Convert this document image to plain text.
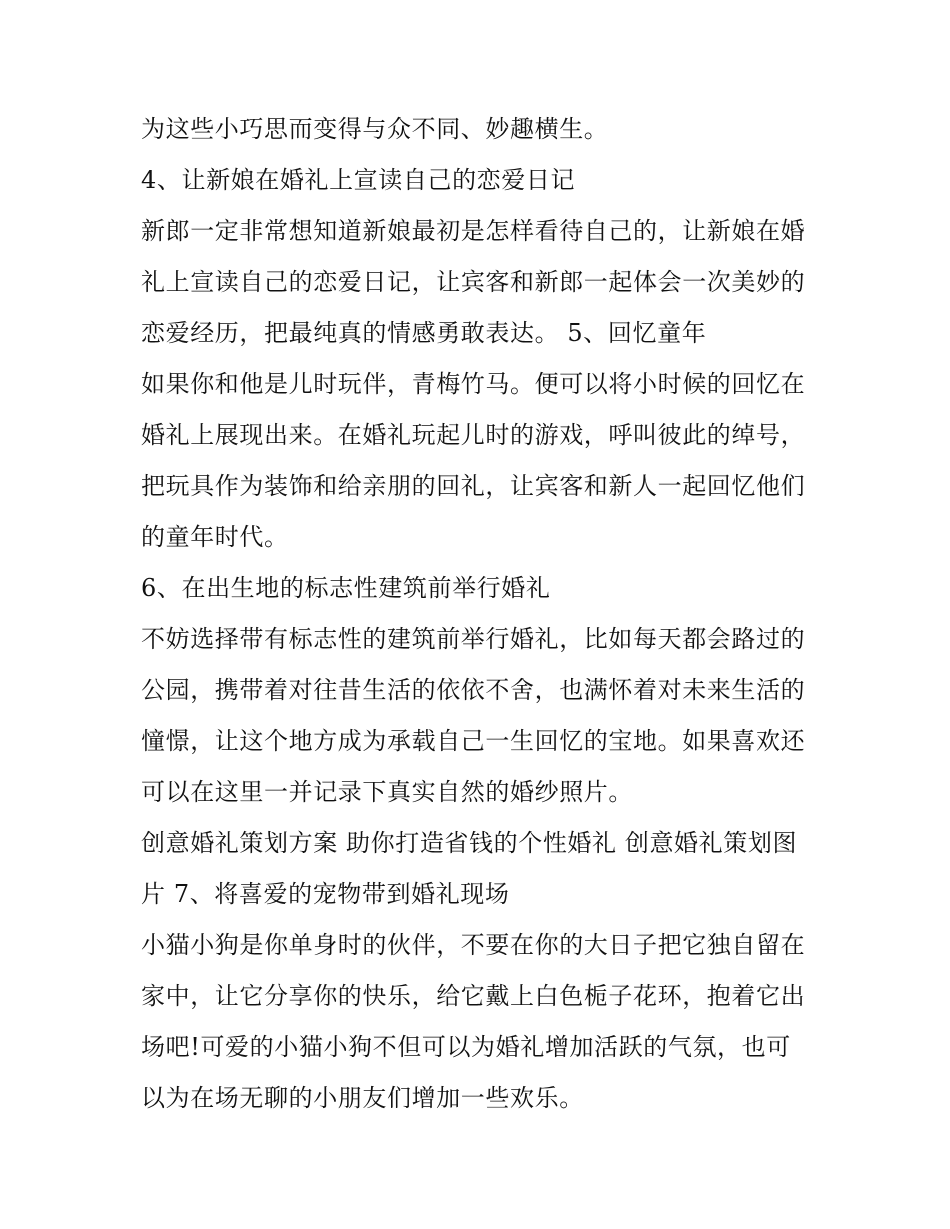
为这些小巧思而变得与众不同、妙趣横生。
4、让新娘在婚礼上宣读自己的恋爱日记
新郎一定非常想知道新娘最初是怎样看待自己的，让新娘在婚
礼上宣读自己的恋爱日记，让宾客和新郎一起体会一次美妙的
恋爱经历，把最纯真的情感勇敢表达。 5、回忆童年
如果你和他是儿时玩伴，青梅竹马。便可以将小时候的回忆在
婚礼上展现出来。在婚礼玩起儿时的游戏，呼叫彼此的绰号，
把玩具作为装饰和给亲朋的回礼，让宾客和新人一起回忆他们
的童年时代。
6、在出生地的标志性建筑前举行婚礼
不妨选择带有标志性的建筑前举行婚礼，比如每天都会路过的
公园，携带着对往昔生活的依依不舍，也满怀着对未来生活的
憧憬，让这个地方成为承载自己一生回忆的宝地。如果喜欢还
可以在这里一并记录下真实自然的婚纱照片。
创意婚礼策划方案 助你打造省钱的个性婚礼 创意婚礼策划图
片 7、将喜爱的宠物带到婚礼现场
小猫小狗是你单身时的伙伴，不要在你的大日子把它独自留在
家中，让它分享你的快乐，给它戴上白色栀子花环，抱着它出
场吧!可爱的小猫小狗不但可以为婚礼增加活跃的气氛，也可
以为在场无聊的小朋友们增加一些欢乐。
